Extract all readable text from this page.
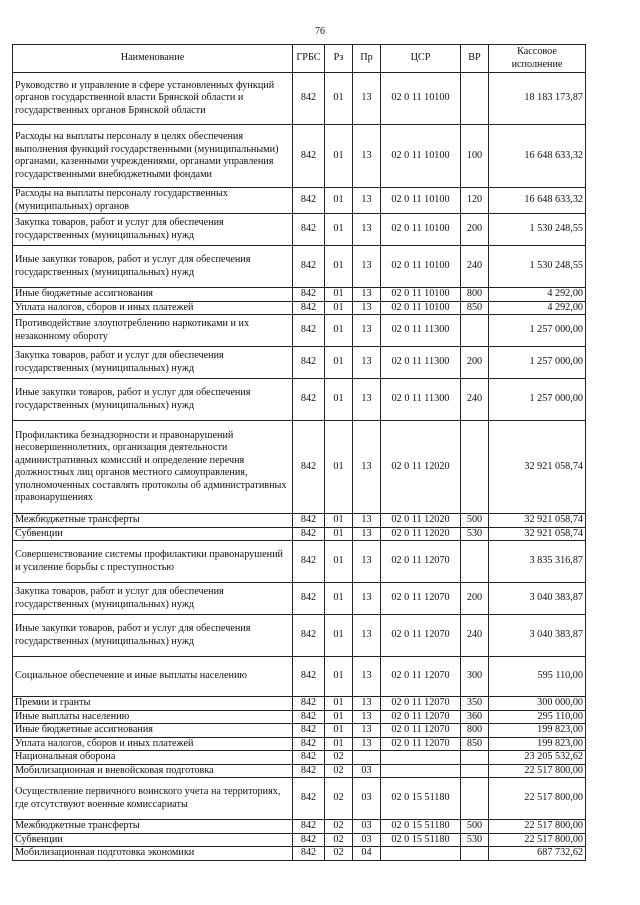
76
Наименование	ГРБС	Рз	Пр	ЦСР	ВР	Кассовое исполнение
Руководство и управление в сфере установленных функций органов государственной власти Брянской области и государственных органов Брянской области	842	01	13	02 0 11 10100		18 183 173,87
Расходы на выплаты персоналу в целях обеспечения выполнения функций государственными (муниципальными) органами, казенными учреждениями, органами управления государственными внебюджетными фондами	842	01	13	02 0 11 10100	100	16 648 633,32
Расходы на выплаты персоналу государственных (муниципальных) органов	842	01	13	02 0 11 10100	120	16 648 633,32
Закупка товаров, работ и услуг для обеспечения государственных (муниципальных) нужд	842	01	13	02 0 11 10100	200	1 530 248,55
Иные закупки товаров, работ и услуг для обеспечения государственных (муниципальных) нужд	842	01	13	02 0 11 10100	240	1 530 248,55
Иные бюджетные ассигнования	842	01	13	02 0 11 10100	800	4 292,00
Уплата налогов, сборов и иных платежей	842	01	13	02 0 11 10100	850	4 292,00
Противодействие злоупотреблению наркотиками и их незаконному обороту	842	01	13	02 0 11 11300		1 257 000,00
Закупка товаров, работ и услуг для обеспечения государственных (муниципальных) нужд	842	01	13	02 0 11 11300	200	1 257 000,00
Иные закупки товаров, работ и услуг для обеспечения государственных (муниципальных) нужд	842	01	13	02 0 11 11300	240	1 257 000,00
Профилактика безнадзорности и правонарушений несовершеннолетних, организация деятельности административных комиссий и определение перечня должностных лиц органов местного самоуправления, уполномоченных составлять протоколы об административных правонарушениях	842	01	13	02 0 11 12020		32 921 058,74
Межбюджетные трансферты	842	01	13	02 0 11 12020	500	32 921 058,74
Субвенции	842	01	13	02 0 11 12020	530	32 921 058,74
Совершенствование системы профилактики правонарушений и усиление борьбы с преступностью	842	01	13	02 0 11 12070		3 835 316,87
Закупка товаров, работ и услуг для обеспечения государственных (муниципальных) нужд	842	01	13	02 0 11 12070	200	3 040 383,87
Иные закупки товаров, работ и услуг для обеспечения государственных (муниципальных) нужд	842	01	13	02 0 11 12070	240	3 040 383,87
Социальное обеспечение и иные выплаты населению	842	01	13	02 0 11 12070	300	595 110,00
Премии и гранты	842	01	13	02 0 11 12070	350	300 000,00
Иные выплаты населению	842	01	13	02 0 11 12070	360	295 110,00
Иные бюджетные ассигнования	842	01	13	02 0 11 12070	800	199 823,00
Уплата налогов, сборов и иных платежей	842	01	13	02 0 11 12070	850	199 823,00
Национальная оборона	842	02				23 205 532,62
Мобилизационная и вневойсковая подготовка	842	02	03			22 517 800,00
Осуществление первичного воинского учета на территориях, где отсутствуют военные комиссариаты	842	02	03	02 0 15 51180		22 517 800,00
Межбюджетные трансферты	842	02	03	02 0 15 51180	500	22 517 800,00
Субвенции	842	02	03	02 0 15 51180	530	22 517 800,00
Мобилизационная подготовка экономики	842	02	04			687 732,62
